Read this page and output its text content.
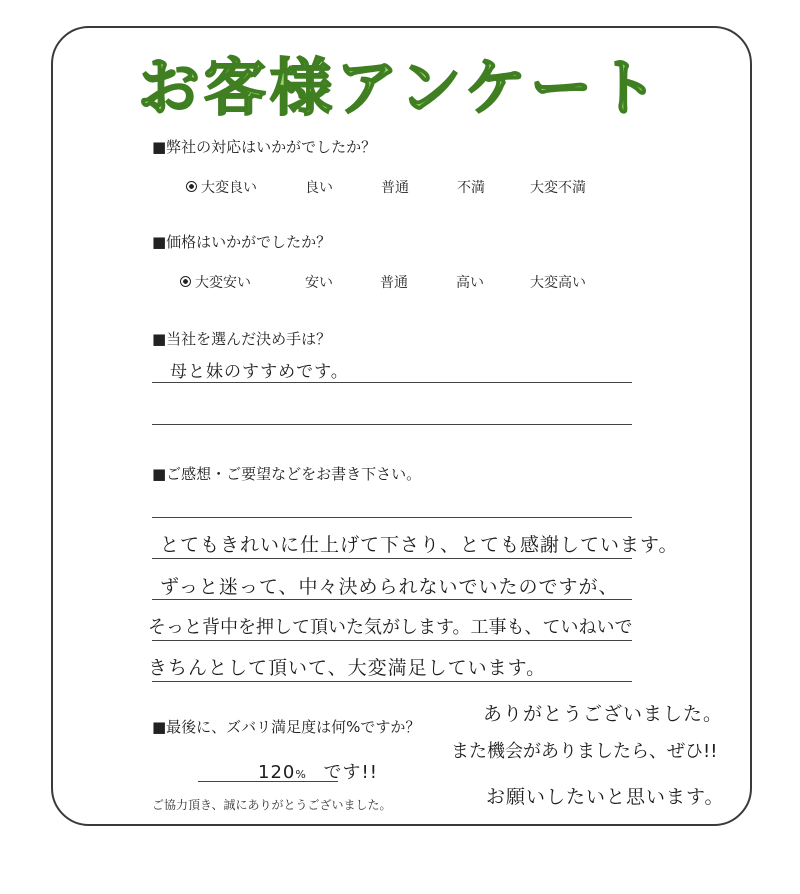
お客様アンケート
■弊社の対応はいかがでしたか？
大変良い	良い	普通	不満	大変不満
■価格はいかがでしたか？
大変安い	安い	普通	高い	大変高い
■当社を選んだ決め手は？
母と妹のすすめです。
■ご感想・ご要望などをお書き下さい。
とてもきれいに仕上げて下さり、とても感謝しています。
ずっと迷って、中々決められないでいたのですが、
そっと背中を押して頂いた気がします。工事も、ていねいで
きちんとして頂いて、大変満足しています。
■最後に、ズバリ満足度は何%ですか？
120% です!!
ありがとうございました。
また機会がありましたら、ぜひ!!
お願いしたいと思います。
ご協力頂き、誠にありがとうございました。
